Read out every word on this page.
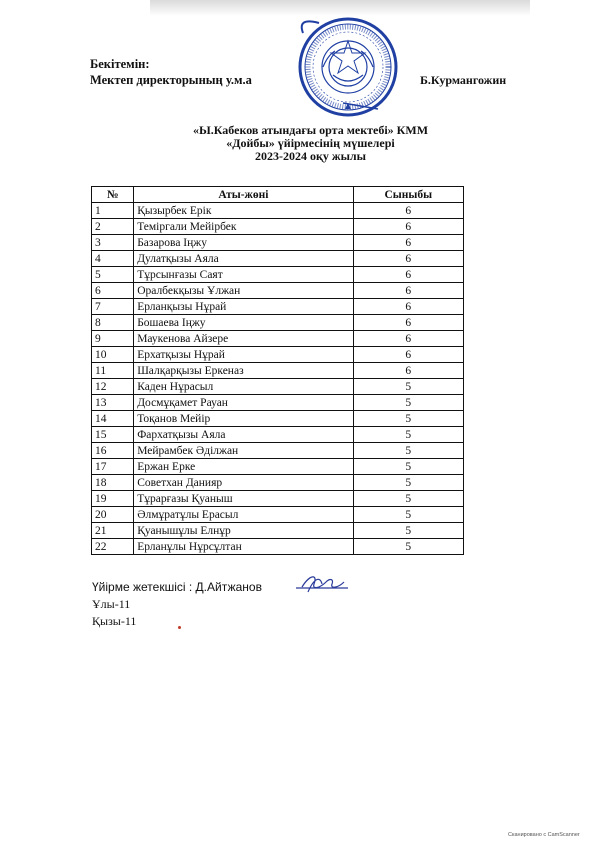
Бекітемін:
Мектеп директорының у.м.а	Б.Курмангожин
«Ы.Кабеков атындағы орта мектебі» КММ
«Дойбы» үйірмесінің мүшелері
2023-2024 оқу жылы
№	Аты-жөні	Сыныбы
1	Қызырбек Ерік	6
2	Теміргали Мейірбек	6
3	Базарова Іңжу	6
4	Дулатқызы Аяла	6
5	Тұрсынғазы Саят	6
6	Оралбекқызы Ұлжан	6
7	Ерланқызы Нұрай	6
8	Бошаева Іңжу	6
9	Маукенова Айзере	6
10	Ерхатқызы Нұрай	6
11	Шалқарқызы Еркеназ	6
12	Кадeн Нұрасыл	5
13	Досмұқамет Рауан	5
14	Тоқанов Мейір	5
15	Фархатқызы Аяла	5
16	Мейрамбек Әділжан	5
17	Ержан Ерке	5
18	Советхан Данияр	5
19	Тұрарғазы Қуаныш	5
20	Әлмұратұлы Ерасыл	5
21	Қуанышұлы Елнұр	5
22	Ерланұлы Нұрсұлтан	5
Үйірме жетекшісі : Д.Айтжанов
Ұлы-11
Қызы-11
Сканировано с CamScanner
